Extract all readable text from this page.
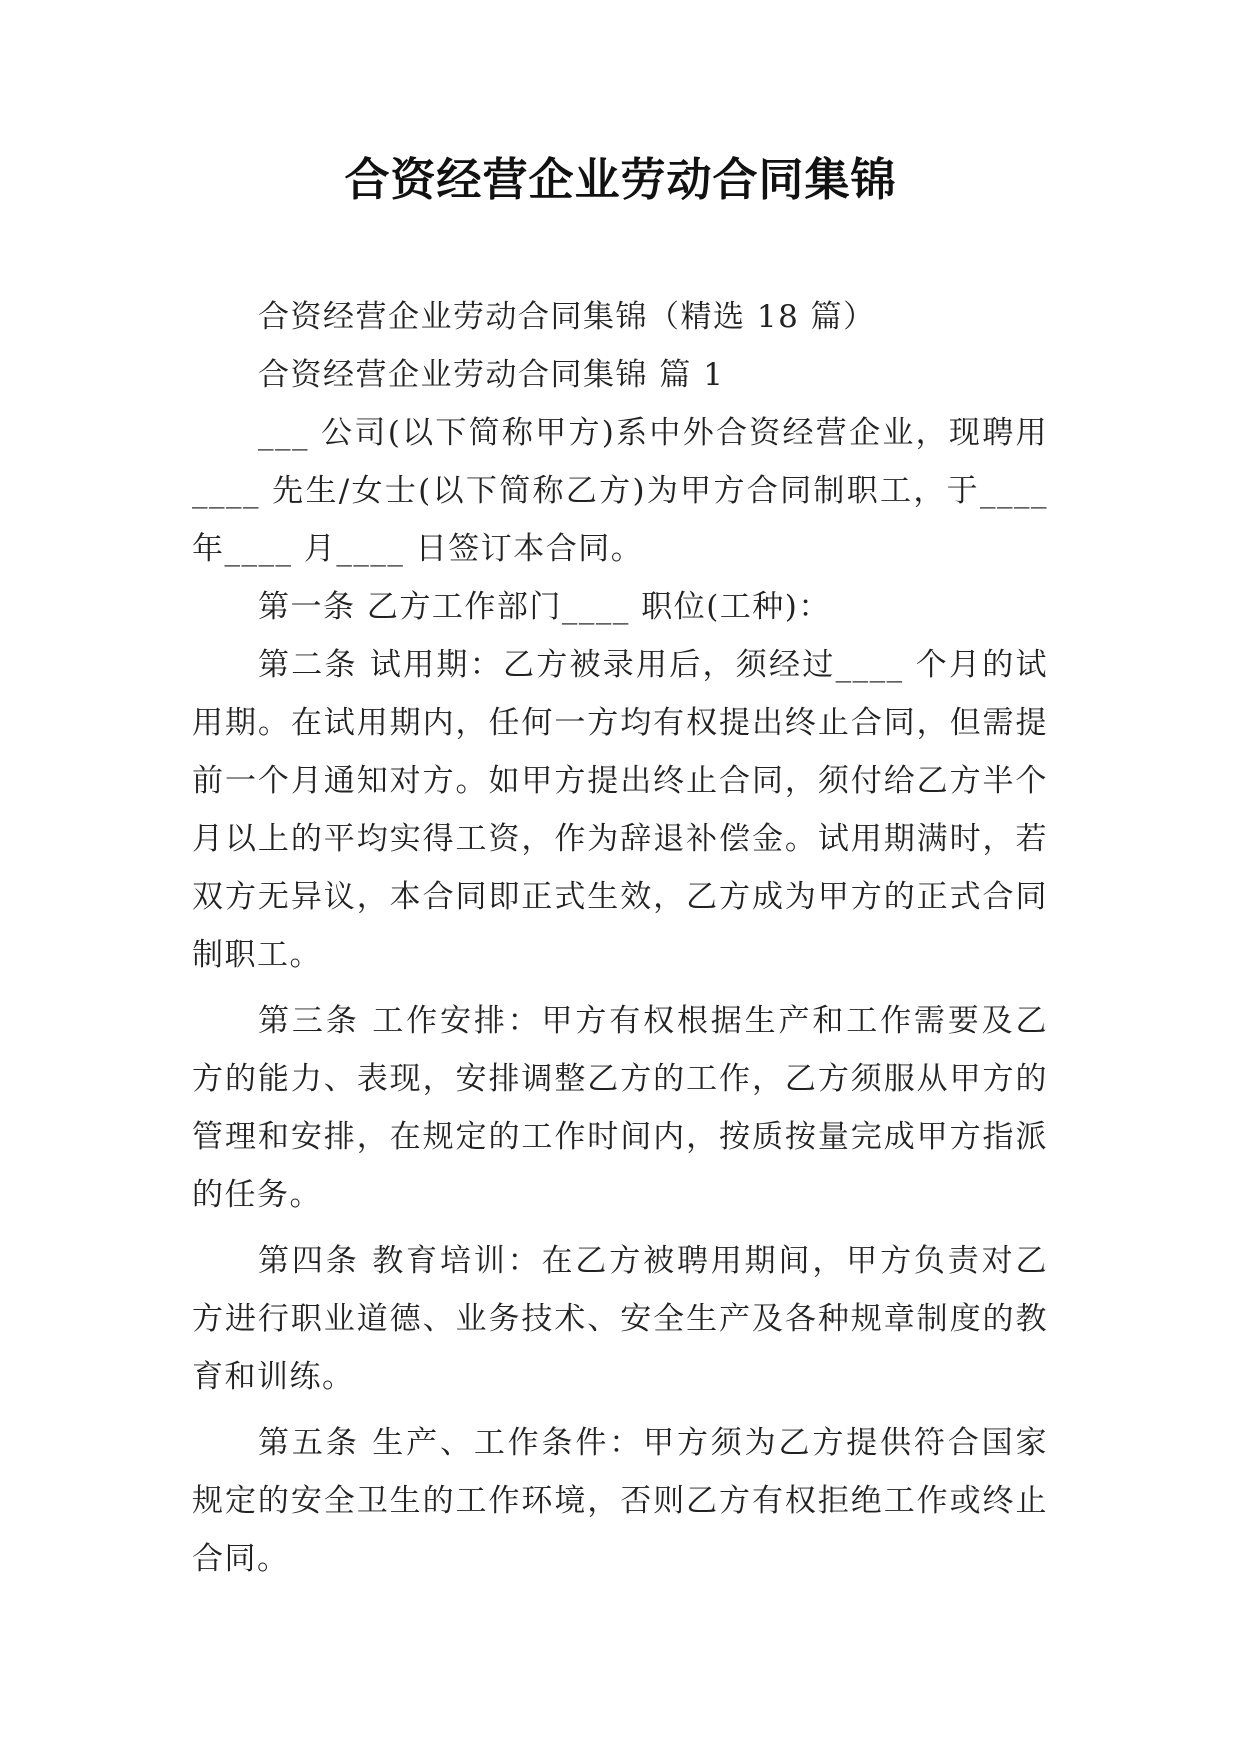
合资经营企业劳动合同集锦

合资经营企业劳动合同集锦（精选 18 篇）

合资经营企业劳动合同集锦 篇 1

___ 公司(以下简称甲方)系中外合资经营企业，现聘用____ 先生/女士(以下简称乙方)为甲方合同制职工，于____年____ 月____ 日签订本合同。

第一条 乙方工作部门____ 职位(工种)：

第二条 试用期：乙方被录用后，须经过____ 个月的试用期。在试用期内，任何一方均有权提出终止合同，但需提前一个月通知对方。如甲方提出终止合同，须付给乙方半个月以上的平均实得工资，作为辞退补偿金。试用期满时，若双方无异议，本合同即正式生效，乙方成为甲方的正式合同制职工。

第三条 工作安排：甲方有权根据生产和工作需要及乙方的能力、表现，安排调整乙方的工作，乙方须服从甲方的管理和安排，在规定的工作时间内，按质按量完成甲方指派的任务。

第四条 教育培训：在乙方被聘用期间，甲方负责对乙方进行职业道德、业务技术、安全生产及各种规章制度的教育和训练。

第五条 生产、工作条件：甲方须为乙方提供符合国家规定的安全卫生的工作环境，否则乙方有权拒绝工作或终止合同。
